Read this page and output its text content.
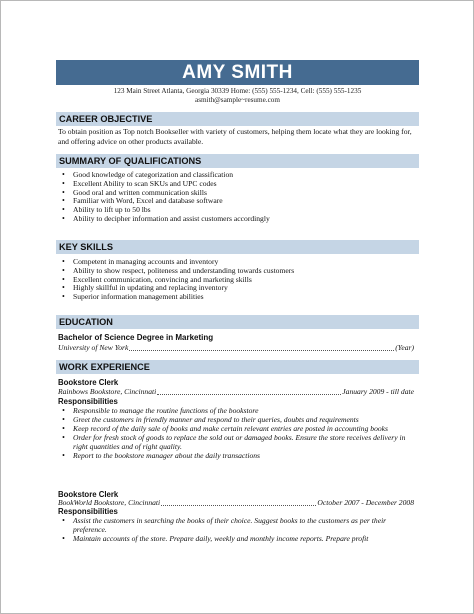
AMY SMITH
123 Main Street Atlanta, Georgia 30339 Home: (555) 555-1234, Cell: (555) 555-1235
asmith@sample~resume.com
CAREER OBJECTIVE
To obtain position as Top notch Bookseller with variety of customers, helping them locate what they are looking for, and offering advice on other products available.
SUMMARY OF QUALIFICATIONS
• Good knowledge of categorization and classification
• Excellent Ability to scan SKUs and UPC codes
• Good oral and written communication skills
• Familiar with Word, Excel and database software
• Ability to lift up to 50 lbs
• Ability to decipher information and assist customers accordingly
KEY SKILLS
• Competent in managing accounts and inventory
• Ability to show respect, politeness and understanding towards customers
• Excellent communication, convincing and marketing skills
• Highly skillful in updating and replacing inventory
• Superior information management abilities
EDUCATION
Bachelor of Science Degree in Marketing
University of New York	(Year)
WORK EXPERIENCE
Bookstore Clerk
Rainbows Bookstore, Cincinnati	January 2009 - till date
Responsibilities
• Responsible to manage the routine functions of the bookstore
• Greet the customers in friendly manner and respond to their queries, doubts and requirements
• Keep record of the daily sale of books and make certain relevant entries are posted in accounting books
• Order for fresh stock of goods to replace the sold out or damaged books. Ensure the store receives delivery in right quantities and of right quality.
• Report to the bookstore manager about the daily transactions
Bookstore Clerk
BookWorld Bookstore, Cincinnati	October 2007 - December 2008
Responsibilities
• Assist the customers in searching the books of their choice. Suggest books to the customers as per their preference.
• Maintain accounts of the store. Prepare daily, weekly and monthly income reports. Prepare profit
